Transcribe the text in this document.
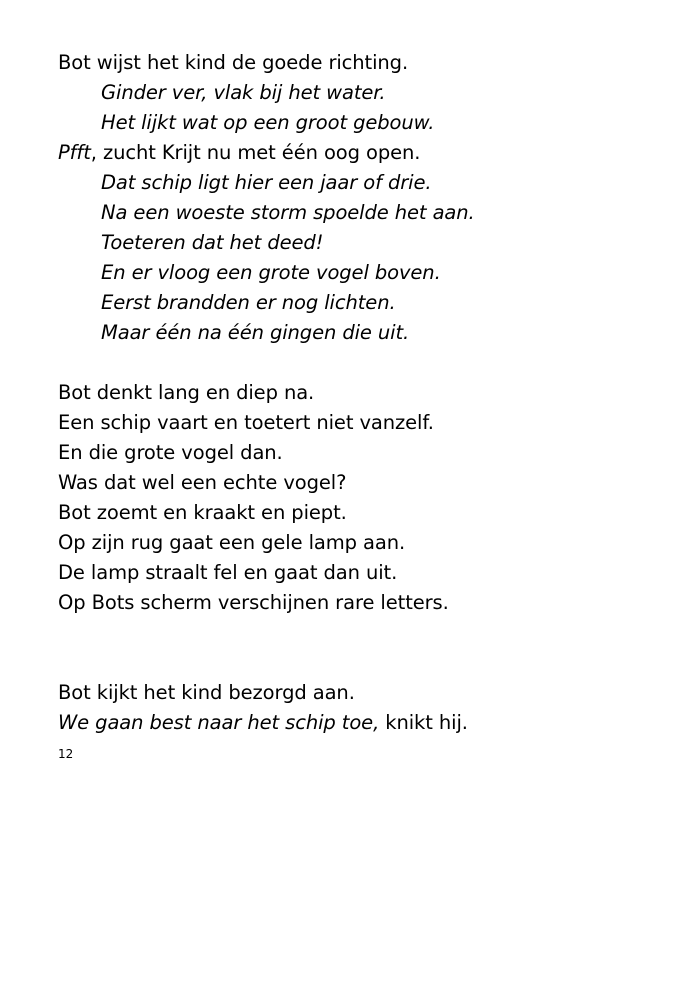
Bot wijst het kind de goede richting.
Ginder ver, vlak bij het water.
Het lijkt wat op een groot gebouw.
Pfft, zucht Krijt nu met één oog open.
Dat schip ligt hier een jaar of drie.
Na een woeste storm spoelde het aan.
Toeteren dat het deed!
En er vloog een grote vogel boven.
Eerst brandden er nog lichten.
Maar één na één gingen die uit.
Bot denkt lang en diep na.
Een schip vaart en toetert niet vanzelf.
En die grote vogel dan.
Was dat wel een echte vogel?
Bot zoemt en kraakt en piept.
Op zijn rug gaat een gele lamp aan.
De lamp straalt fel en gaat dan uit.
Op Bots scherm verschijnen rare letters.
Bot kijkt het kind bezorgd aan.
We gaan best naar het schip toe, knikt hij.
12
